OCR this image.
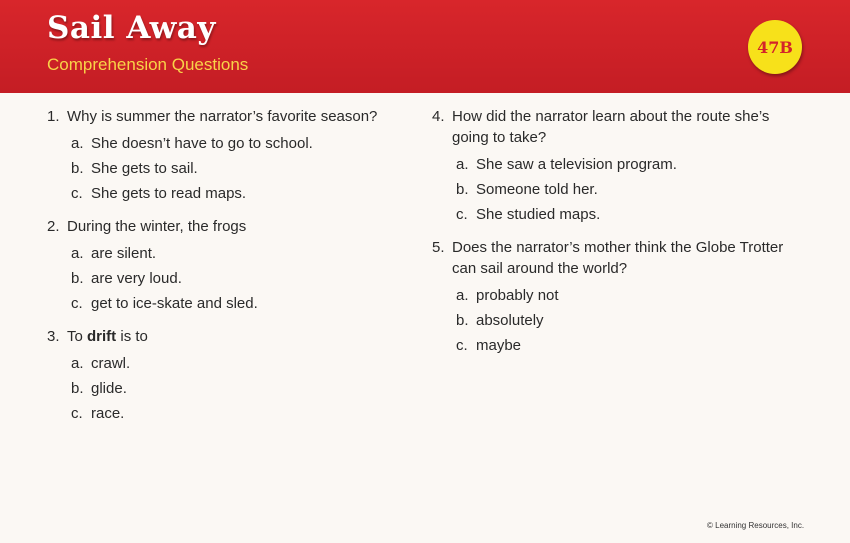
Sail Away
Comprehension Questions
47B
1. Why is summer the narrator’s favorite season?
a. She doesn’t have to go to school.
b. She gets to sail.
c. She gets to read maps.
2. During the winter, the frogs
a. are silent.
b. are very loud.
c. get to ice-skate and sled.
3. To drift is to
a. crawl.
b. glide.
c. race.
4. How did the narrator learn about the route she’s going to take?
a. She saw a television program.
b. Someone told her.
c. She studied maps.
5. Does the narrator’s mother think the Globe Trotter can sail around the world?
a. probably not
b. absolutely
c. maybe
© Learning Resources, Inc.
